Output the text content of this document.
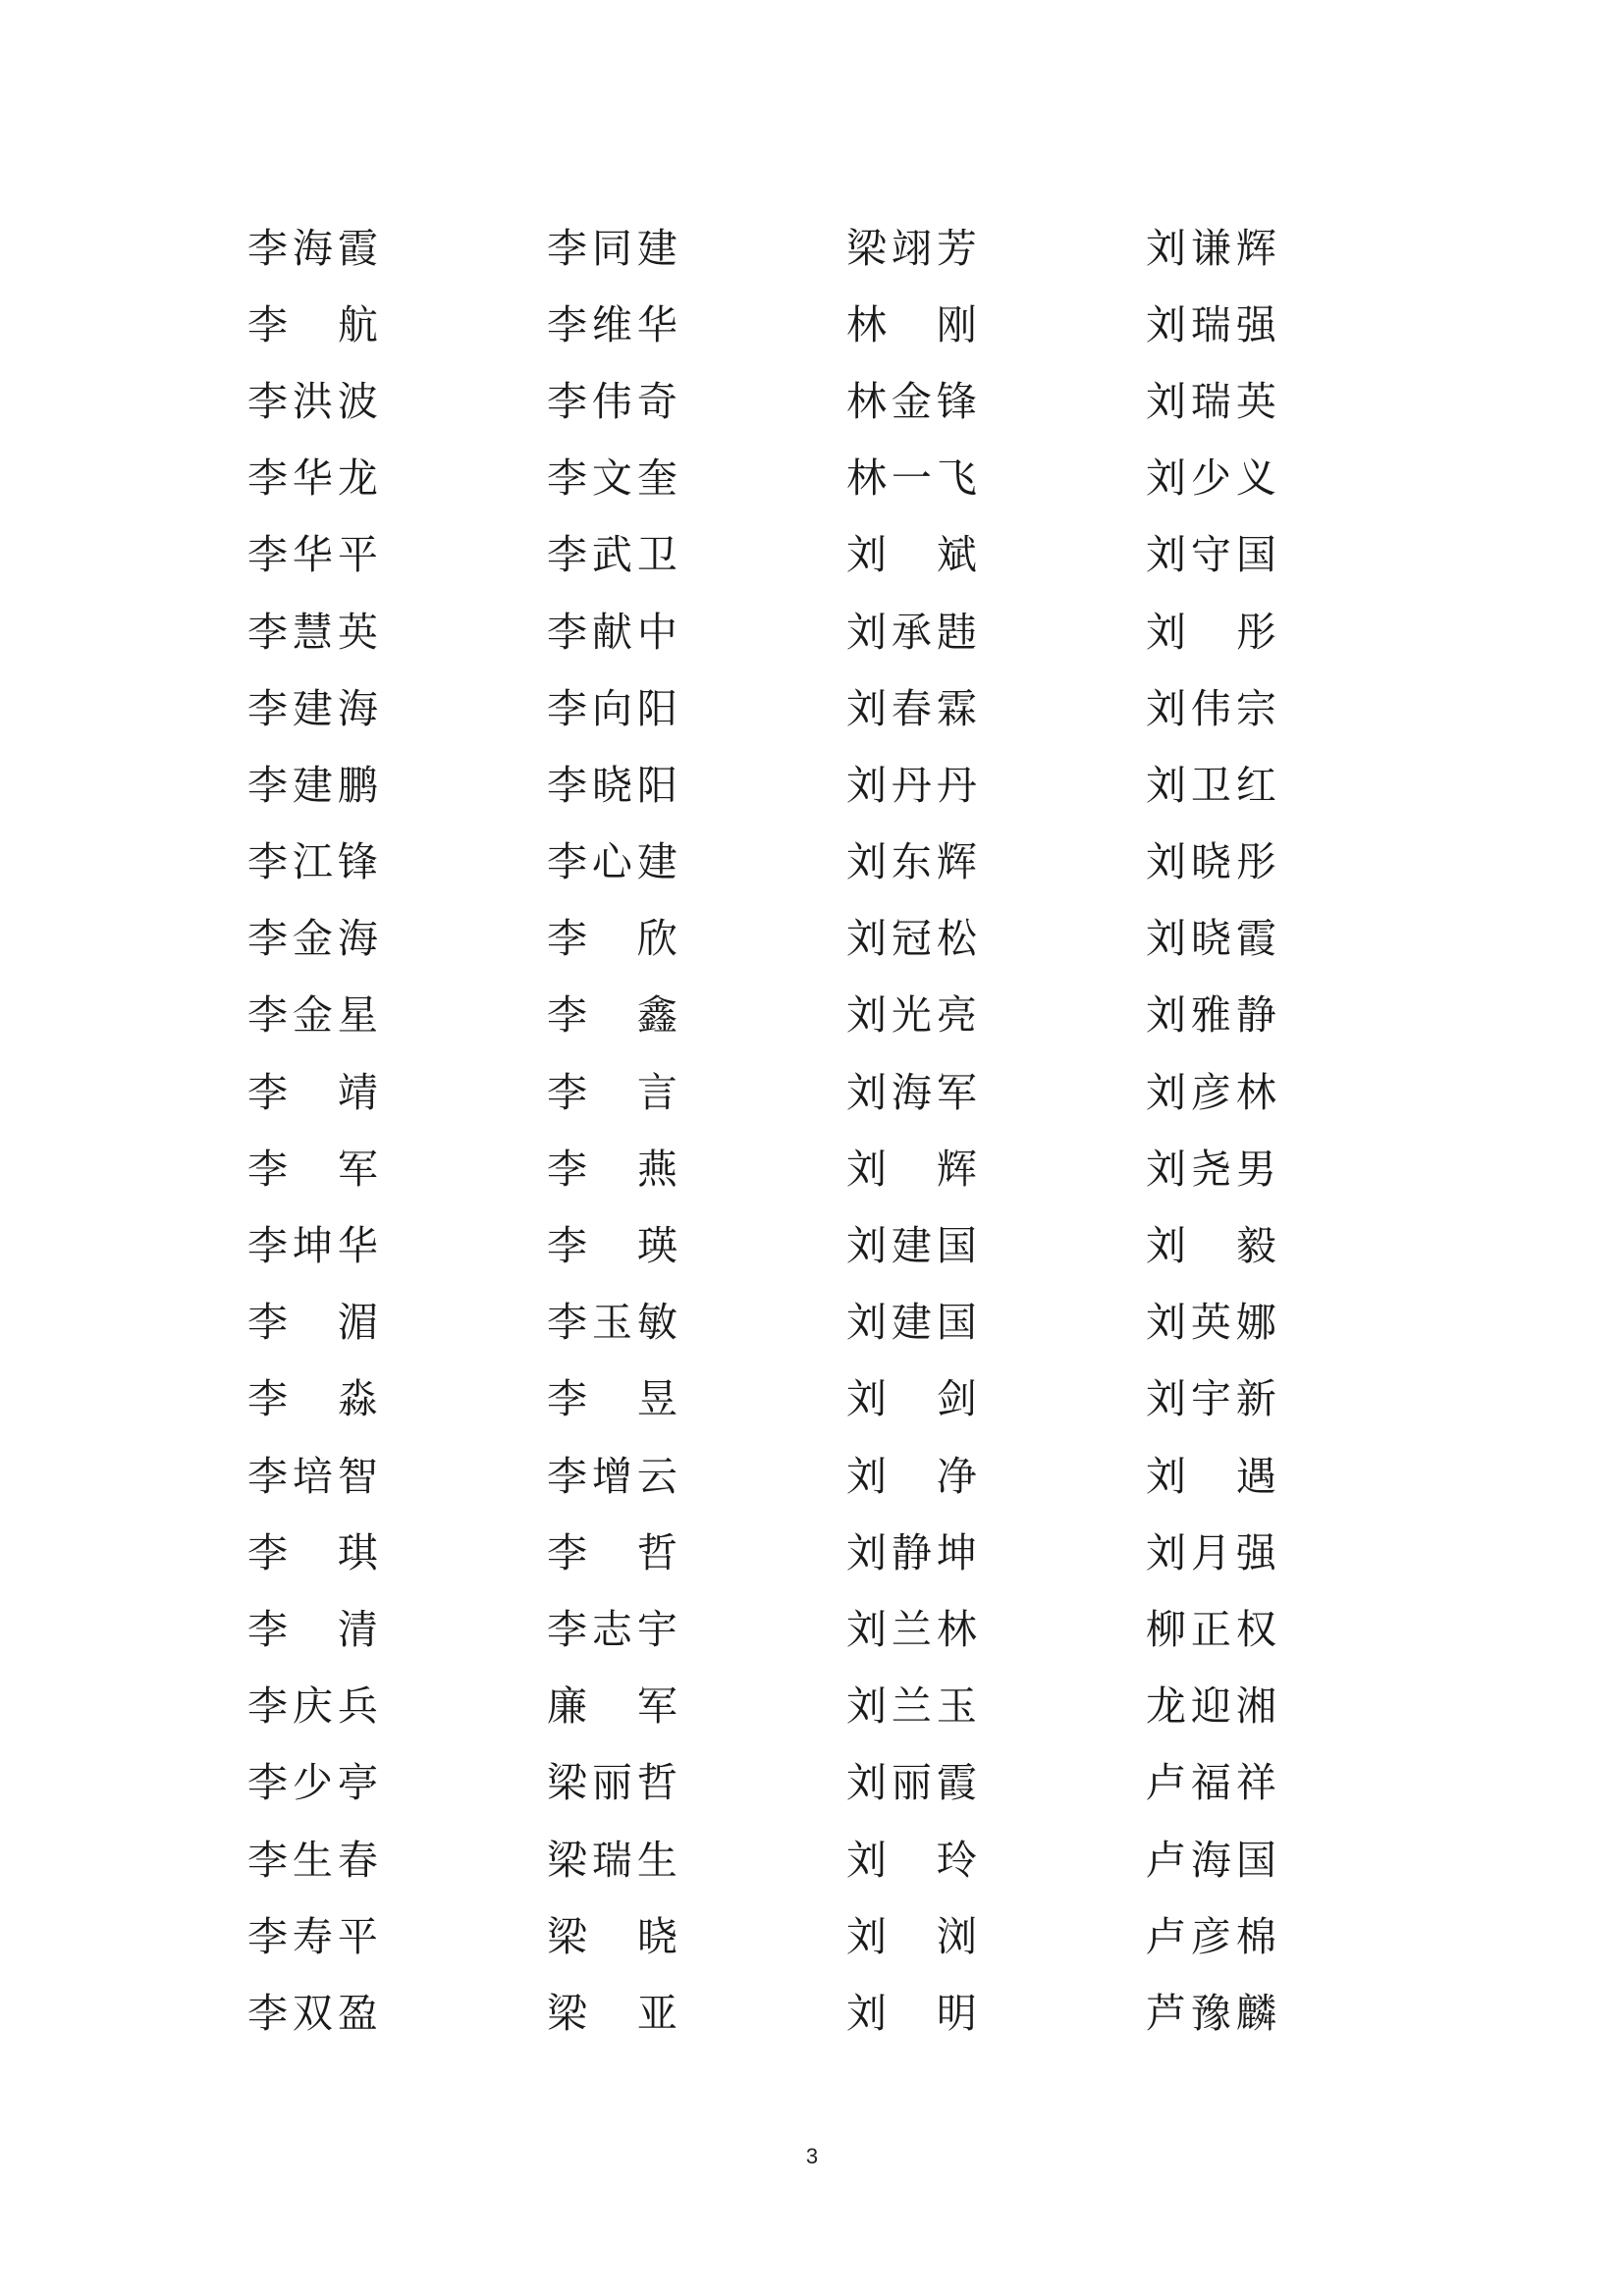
李海霞	李同建	梁翊芳	刘谦辉
李　航	李维华	林　刚	刘瑞强
李洪波	李伟奇	林金锋	刘瑞英
李华龙	李文奎	林一飞	刘少义
李华平	李武卫	刘　斌	刘守国
李慧英	李献中	刘承韪	刘　彤
李建海	李向阳	刘春霖	刘伟宗
李建鹏	李晓阳	刘丹丹	刘卫红
李江锋	李心建	刘东辉	刘晓彤
李金海	李　欣	刘冠松	刘晓霞
李金星	李　鑫	刘光亮	刘雅静
李　靖	李　言	刘海军	刘彦林
李　军	李　燕	刘　辉	刘尧男
李坤华	李　瑛	刘建国	刘　毅
李　湄	李玉敏	刘建国	刘英娜
李　淼	李　昱	刘　剑	刘宇新
李培智	李增云	刘　净	刘　遇
李　琪	李　哲	刘静坤	刘月强
李　清	李志宇	刘兰林	柳正权
李庆兵	廉　军	刘兰玉	龙迎湘
李少亭	梁丽哲	刘丽霞	卢福祥
李生春	梁瑞生	刘　玲	卢海国
李寿平	梁　晓	刘　浏	卢彦棉
李双盈	梁　亚	刘　明	芦豫麟
3
